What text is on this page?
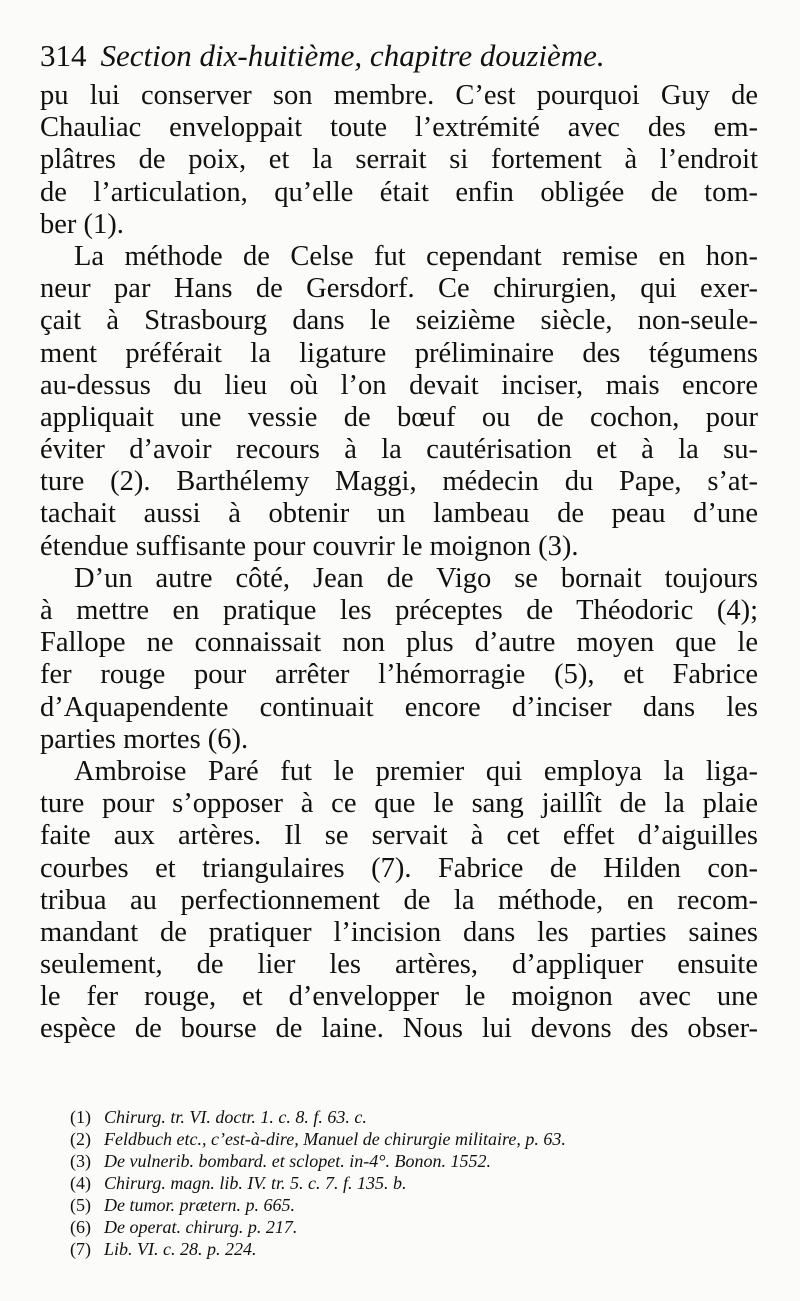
314 Section dix-huitième, chapitre douzième.
pu lui conserver son membre. C’est pourquoi Guy de
Chauliac enveloppait toute l’extrémité avec des em-
plâtres de poix, et la serrait si fortement à l’endroit
de l’articulation, qu’elle était enfin obligée de tom-
ber (1).
La méthode de Celse fut cependant remise en hon-
neur par Hans de Gersdorf. Ce chirurgien, qui exer-
çait à Strasbourg dans le seizième siècle, non-seule-
ment préférait la ligature préliminaire des tégumens
au-dessus du lieu où l’on devait inciser, mais encore
appliquait une vessie de bœuf ou de cochon, pour
éviter d’avoir recours à la cautérisation et à la su-
ture (2). Barthélemy Maggi, médecin du Pape, s’at-
tachait aussi à obtenir un lambeau de peau d’une
étendue suffisante pour couvrir le moignon (3).
D’un autre côté, Jean de Vigo se bornait toujours
à mettre en pratique les préceptes de Théodoric (4);
Fallope ne connaissait non plus d’autre moyen que le
fer rouge pour arrêter l’hémorragie (5), et Fabrice
d’Aquapendente continuait encore d’inciser dans les
parties mortes (6).
Ambroise Paré fut le premier qui employa la liga-
ture pour s’opposer à ce que le sang jaillît de la plaie
faite aux artères. Il se servait à cet effet d’aiguilles
courbes et triangulaires (7). Fabrice de Hilden con-
tribua au perfectionnement de la méthode, en recom-
mandant de pratiquer l’incision dans les parties saines
seulement, de lier les artères, d’appliquer ensuite
le fer rouge, et d’envelopper le moignon avec une
espèce de bourse de laine. Nous lui devons des obser-
(1) Chirurg. tr. VI. doctr. 1. c. 8. f. 63. c.
(2) Feldbuch etc., c’est-à-dire, Manuel de chirurgie militaire, p. 63.
(3) De vulnerib. bombard. et sclopet. in-4°. Bonon. 1552.
(4) Chirurg. magn. lib. IV. tr. 5. c. 7. f. 135. b.
(5) De tumor. prætern. p. 665.
(6) De operat. chirurg. p. 217.
(7) Lib. VI. c. 28. p. 224.
